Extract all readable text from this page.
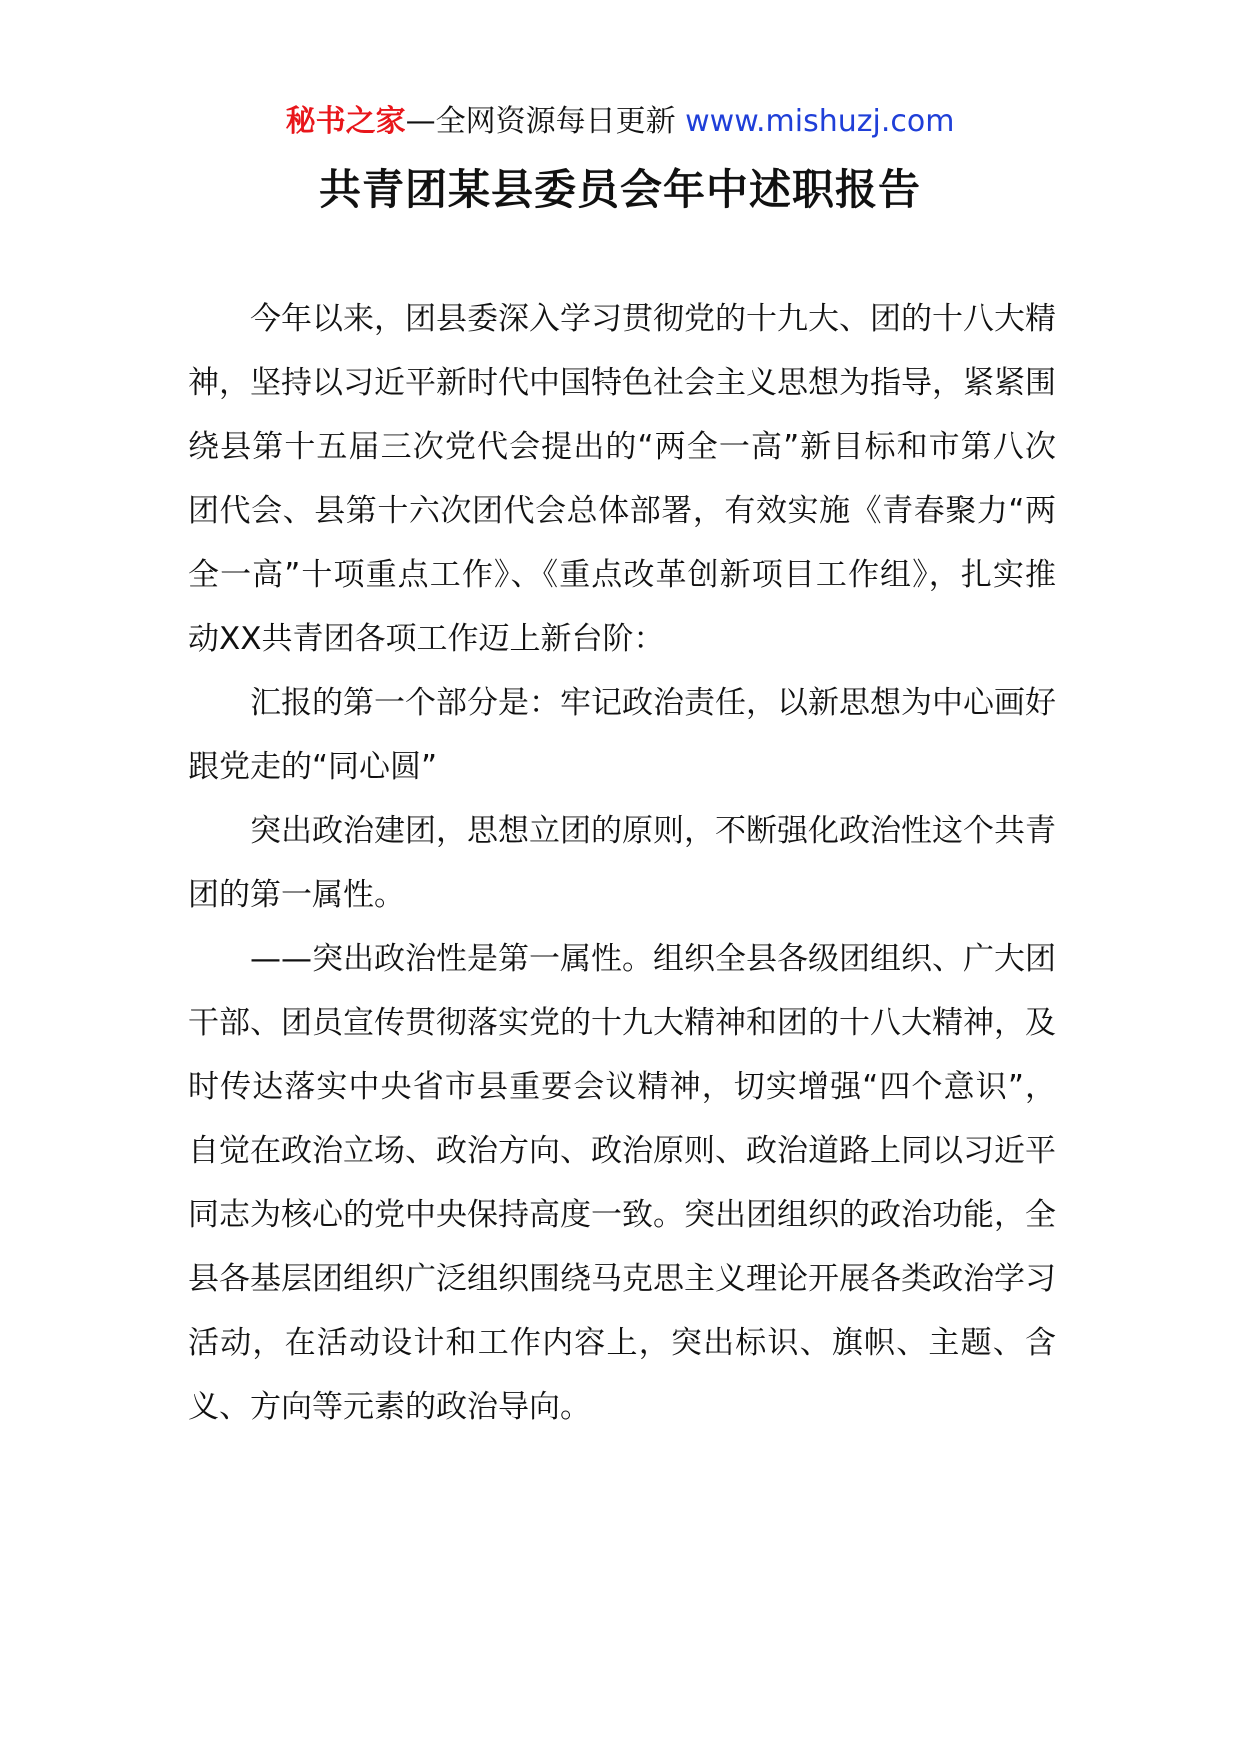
秘书之家—全网资源每日更新 www.mishuzj.com
共青团某县委员会年中述职报告

今年以来，团县委深入学习贯彻党的十九大、团的十八大精神，坚持以习近平新时代中国特色社会主义思想为指导，紧紧围绕县第十五届三次党代会提出的“两全一高”新目标和市第八次团代会、县第十六次团代会总体部署，有效实施《青春聚力“两全一高”十项重点工作》、《重点改革创新项目工作组》，扎实推动XX共青团各项工作迈上新台阶：

汇报的第一个部分是：牢记政治责任，以新思想为中心画好跟党走的“同心圆”

突出政治建团，思想立团的原则，不断强化政治性这个共青团的第一属性。

——突出政治性是第一属性。组织全县各级团组织、广大团干部、团员宣传贯彻落实党的十九大精神和团的十八大精神，及时传达落实中央省市县重要会议精神，切实增强“四个意识”，自觉在政治立场、政治方向、政治原则、政治道路上同以习近平同志为核心的党中央保持高度一致。突出团组织的政治功能，全县各基层团组织广泛组织围绕马克思主义理论开展各类政治学习活动，在活动设计和工作内容上，突出标识、旗帜、主题、含义、方向等元素的政治导向。
